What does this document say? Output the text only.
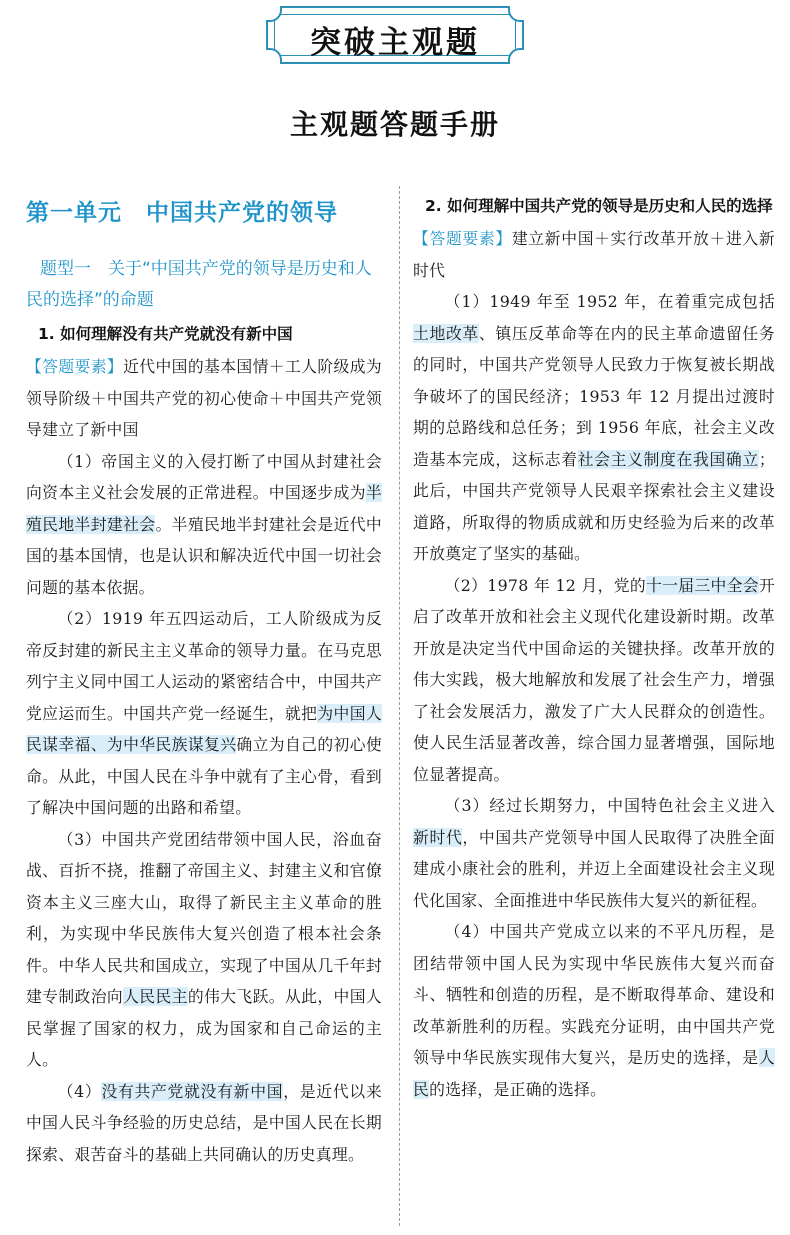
突破主观题
主观题答题手册
第一单元　中国共产党的领导
题型一　关于“中国共产党的领导是历史和人民的选择”的命题
1. 如何理解没有共产党就没有新中国

【答题要素】近代中国的基本国情＋工人阶级成为领导阶级＋中国共产党的初心使命＋中国共产党领导建立了新中国

（1）帝国主义的入侵打断了中国从封建社会向资本主义社会发展的正常进程。中国逐步成为半殖民地半封建社会。半殖民地半封建社会是近代中国的基本国情，也是认识和解决近代中国一切社会问题的基本依据。

（2）1919 年五四运动后，工人阶级成为反帝反封建的新民主主义革命的领导力量。在马克思列宁主义同中国工人运动的紧密结合中，中国共产党应运而生。中国共产党一经诞生，就把为中国人民谋幸福、为中华民族谋复兴确立为自己的初心使命。从此，中国人民在斗争中就有了主心骨，看到了解决中国问题的出路和希望。

（3）中国共产党团结带领中国人民，浴血奋战、百折不挠，推翻了帝国主义、封建主义和官僚资本主义三座大山，取得了新民主主义革命的胜利，为实现中华民族伟大复兴创造了根本社会条件。中华人民共和国成立，实现了中国从几千年封建专制政治向人民民主的伟大飞跃。从此，中国人民掌握了国家的权力，成为国家和自己命运的主人。

（4）没有共产党就没有新中国，是近代以来中国人民斗争经验的历史总结，是中国人民在长期探索、艰苦奋斗的基础上共同确认的历史真理。

2. 如何理解中国共产党的领导是历史和人民的选择

【答题要素】建立新中国＋实行改革开放＋进入新时代

（1）1949 年至 1952 年，在着重完成包括土地改革、镇压反革命等在内的民主革命遗留任务的同时，中国共产党领导人民致力于恢复被长期战争破坏了的国民经济；1953 年 12 月提出过渡时期的总路线和总任务；到 1956 年底，社会主义改造基本完成，这标志着社会主义制度在我国确立；此后，中国共产党领导人民艰辛探索社会主义建设道路，所取得的物质成就和历史经验为后来的改革开放奠定了坚实的基础。

（2）1978 年 12 月，党的十一届三中全会开启了改革开放和社会主义现代化建设新时期。改革开放是决定当代中国命运的关键抉择。改革开放的伟大实践，极大地解放和发展了社会生产力，增强了社会发展活力，激发了广大人民群众的创造性。使人民生活显著改善，综合国力显著增强，国际地位显著提高。

（3）经过长期努力，中国特色社会主义进入新时代，中国共产党领导中国人民取得了决胜全面建成小康社会的胜利，并迈上全面建设社会主义现代化国家、全面推进中华民族伟大复兴的新征程。

（4）中国共产党成立以来的不平凡历程，是团结带领中国人民为实现中华民族伟大复兴而奋斗、牺牲和创造的历程，是不断取得革命、建设和改革新胜利的历程。实践充分证明，由中国共产党领导中华民族实现伟大复兴，是历史的选择，是人民的选择，是正确的选择。
